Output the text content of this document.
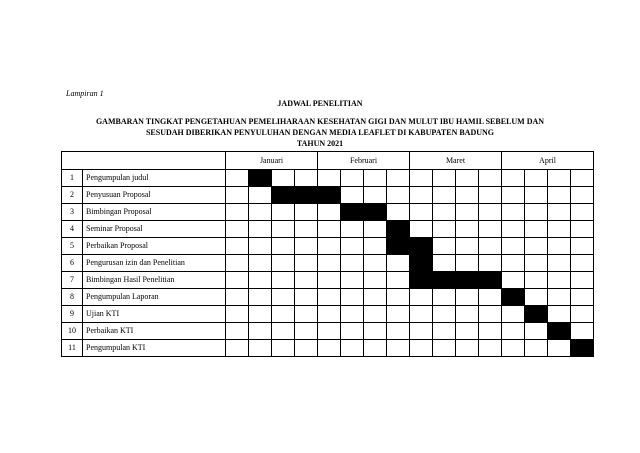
Lampiran 1
JADWAL PENELITIAN
GAMBARAN TINGKAT PENGETAHUAN PEMELIHARAAN KESEHATAN GIGI DAN MULUT IBU HAMIL SEBELUM DAN
SESUDAH DIBERIKAN PENYULUHAN DENGAN MEDIA LEAFLET DI KABUPATEN BADUNG
TAHUN 2021
		Januari				Februari				Maret				April			
1	Pengumpulan judul																
2	Penyusuan Proposal																
3	Bimbingan Proposal																
4	Seminar Proposal																
5	Perbaikan Proposal																
6	Pengurusan izin dan Penelitian																
7	Bimbingan Hasil Penelitian																
8	Pengumpulan Laporan																
9	Ujian KTI																
10	Perbaikan KTI																
11	Pengumpulan KTI																
